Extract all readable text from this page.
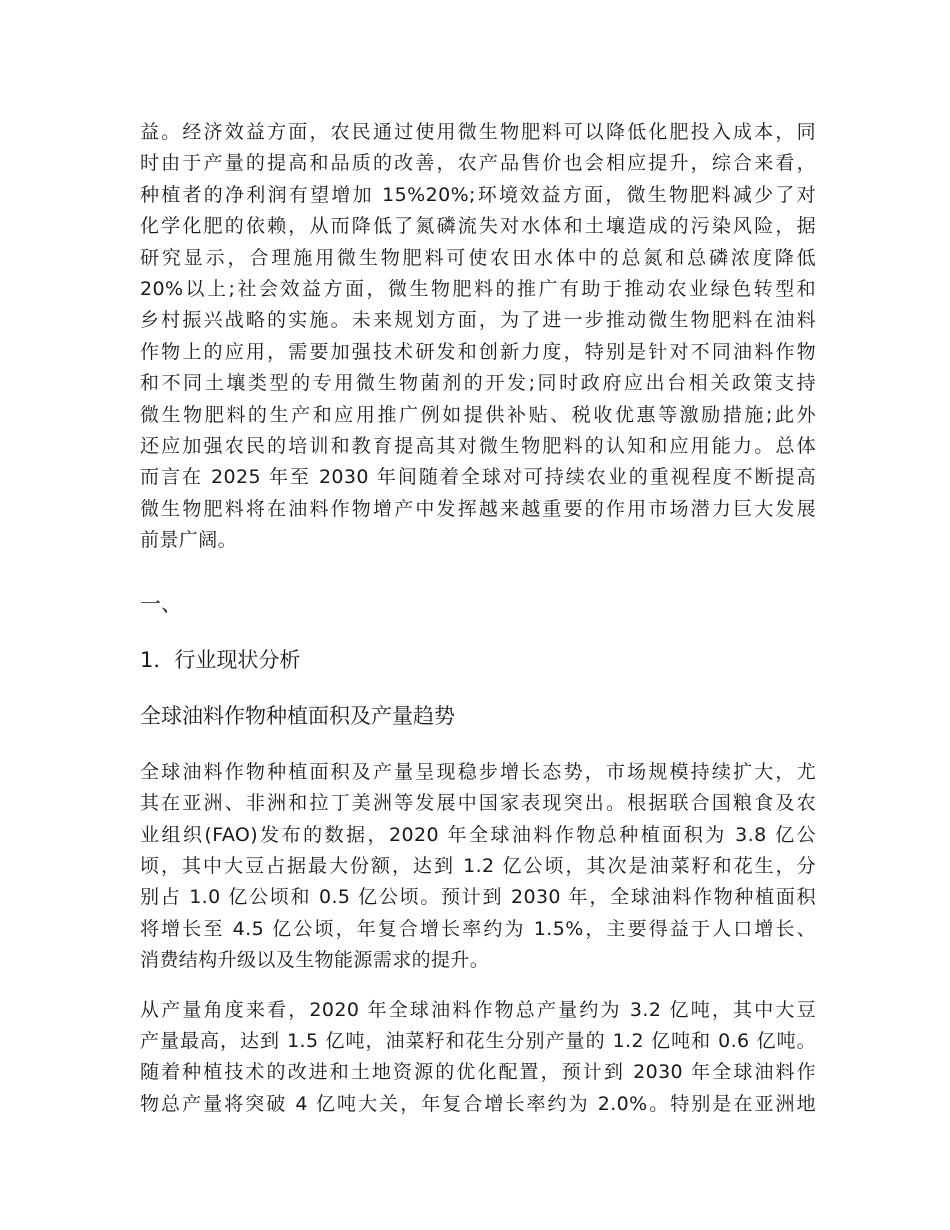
益。经济效益方面，农民通过使用微生物肥料可以降低化肥投入成本，同
时由于产量的提高和品质的改善，农产品售价也会相应提升，综合来看，
种植者的净利润有望增加 15%20%;环境效益方面，微生物肥料减少了对
化学化肥的依赖，从而降低了氮磷流失对水体和土壤造成的污染风险，据
研究显示，合理施用微生物肥料可使农田水体中的总氮和总磷浓度降低
20%以上;社会效益方面，微生物肥料的推广有助于推动农业绿色转型和
乡村振兴战略的实施。未来规划方面，为了进一步推动微生物肥料在油料
作物上的应用，需要加强技术研发和创新力度，特别是针对不同油料作物
和不同土壤类型的专用微生物菌剂的开发;同时政府应出台相关政策支持
微生物肥料的生产和应用推广例如提供补贴、税收优惠等激励措施;此外
还应加强农民的培训和教育提高其对微生物肥料的认知和应用能力。总体
而言在 2025 年至 2030 年间随着全球对可持续农业的重视程度不断提高
微生物肥料将在油料作物增产中发挥越来越重要的作用市场潜力巨大发展
前景广阔。

一、
1．行业现状分析
全球油料作物种植面积及产量趋势

全球油料作物种植面积及产量呈现稳步增长态势，市场规模持续扩大，尤
其在亚洲、非洲和拉丁美洲等发展中国家表现突出。根据联合国粮食及农
业组织(FAO)发布的数据，2020 年全球油料作物总种植面积为 3.8 亿公
顷，其中大豆占据最大份额，达到 1.2 亿公顷，其次是油菜籽和花生，分
别占 1.0 亿公顷和 0.5 亿公顷。预计到 2030 年，全球油料作物种植面积
将增长至 4.5 亿公顷，年复合增长率约为 1.5%，主要得益于人口增长、
消费结构升级以及生物能源需求的提升。

从产量角度来看，2020 年全球油料作物总产量约为 3.2 亿吨，其中大豆
产量最高，达到 1.5 亿吨，油菜籽和花生分别产量的 1.2 亿吨和 0.6 亿吨。
随着种植技术的改进和土地资源的优化配置，预计到 2030 年全球油料作
物总产量将突破 4 亿吨大关，年复合增长率约为 2.0%。特别是在亚洲地
